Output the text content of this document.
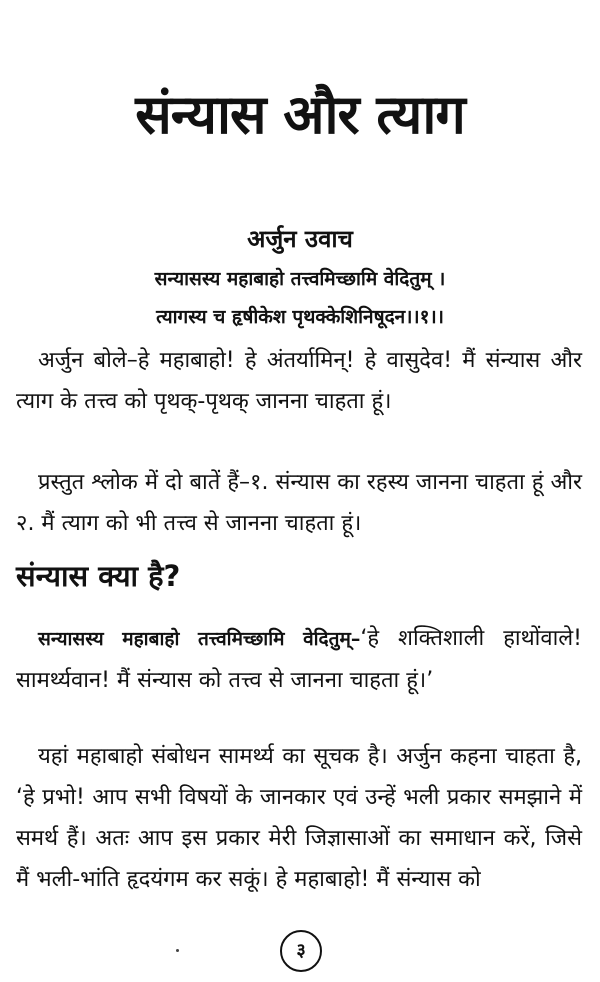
संन्यास और त्याग
अर्जुन उवाच
सन्यासस्य महाबाहो तत्त्वमिच्छामि वेदितुम् ।
त्यागस्य च हृषीकेश पृथक्केशिनिषूदन।।१।।
अर्जुन बोले–हे महाबाहो! हे अंतर्यामिन्! हे वासुदेव! मैं संन्यास और त्याग के तत्त्व को पृथक्-पृथक् जानना चाहता हूं।
प्रस्तुत श्लोक में दो बातें हैं–१. संन्यास का रहस्य जानना चाहता हूं और २. मैं त्याग को भी तत्त्व से जानना चाहता हूं।
संन्यास क्या है?
सन्यासस्य महाबाहो तत्त्वमिच्छामि वेदितुम्–‘हे शक्तिशाली हाथोंवाले! सामर्थ्यवान! मैं संन्यास को तत्त्व से जानना चाहता हूं।’
यहां महाबाहो संबोधन सामर्थ्य का सूचक है। अर्जुन कहना चाहता है, ‘हे प्रभो! आप सभी विषयों के जानकार एवं उन्हें भली प्रकार समझाने में समर्थ हैं। अतः आप इस प्रकार मेरी जिज्ञासाओं का समाधान करें, जिसे मैं भली-भांति हृदयंगम कर सकूं। हे महाबाहो! मैं संन्यास को
३
